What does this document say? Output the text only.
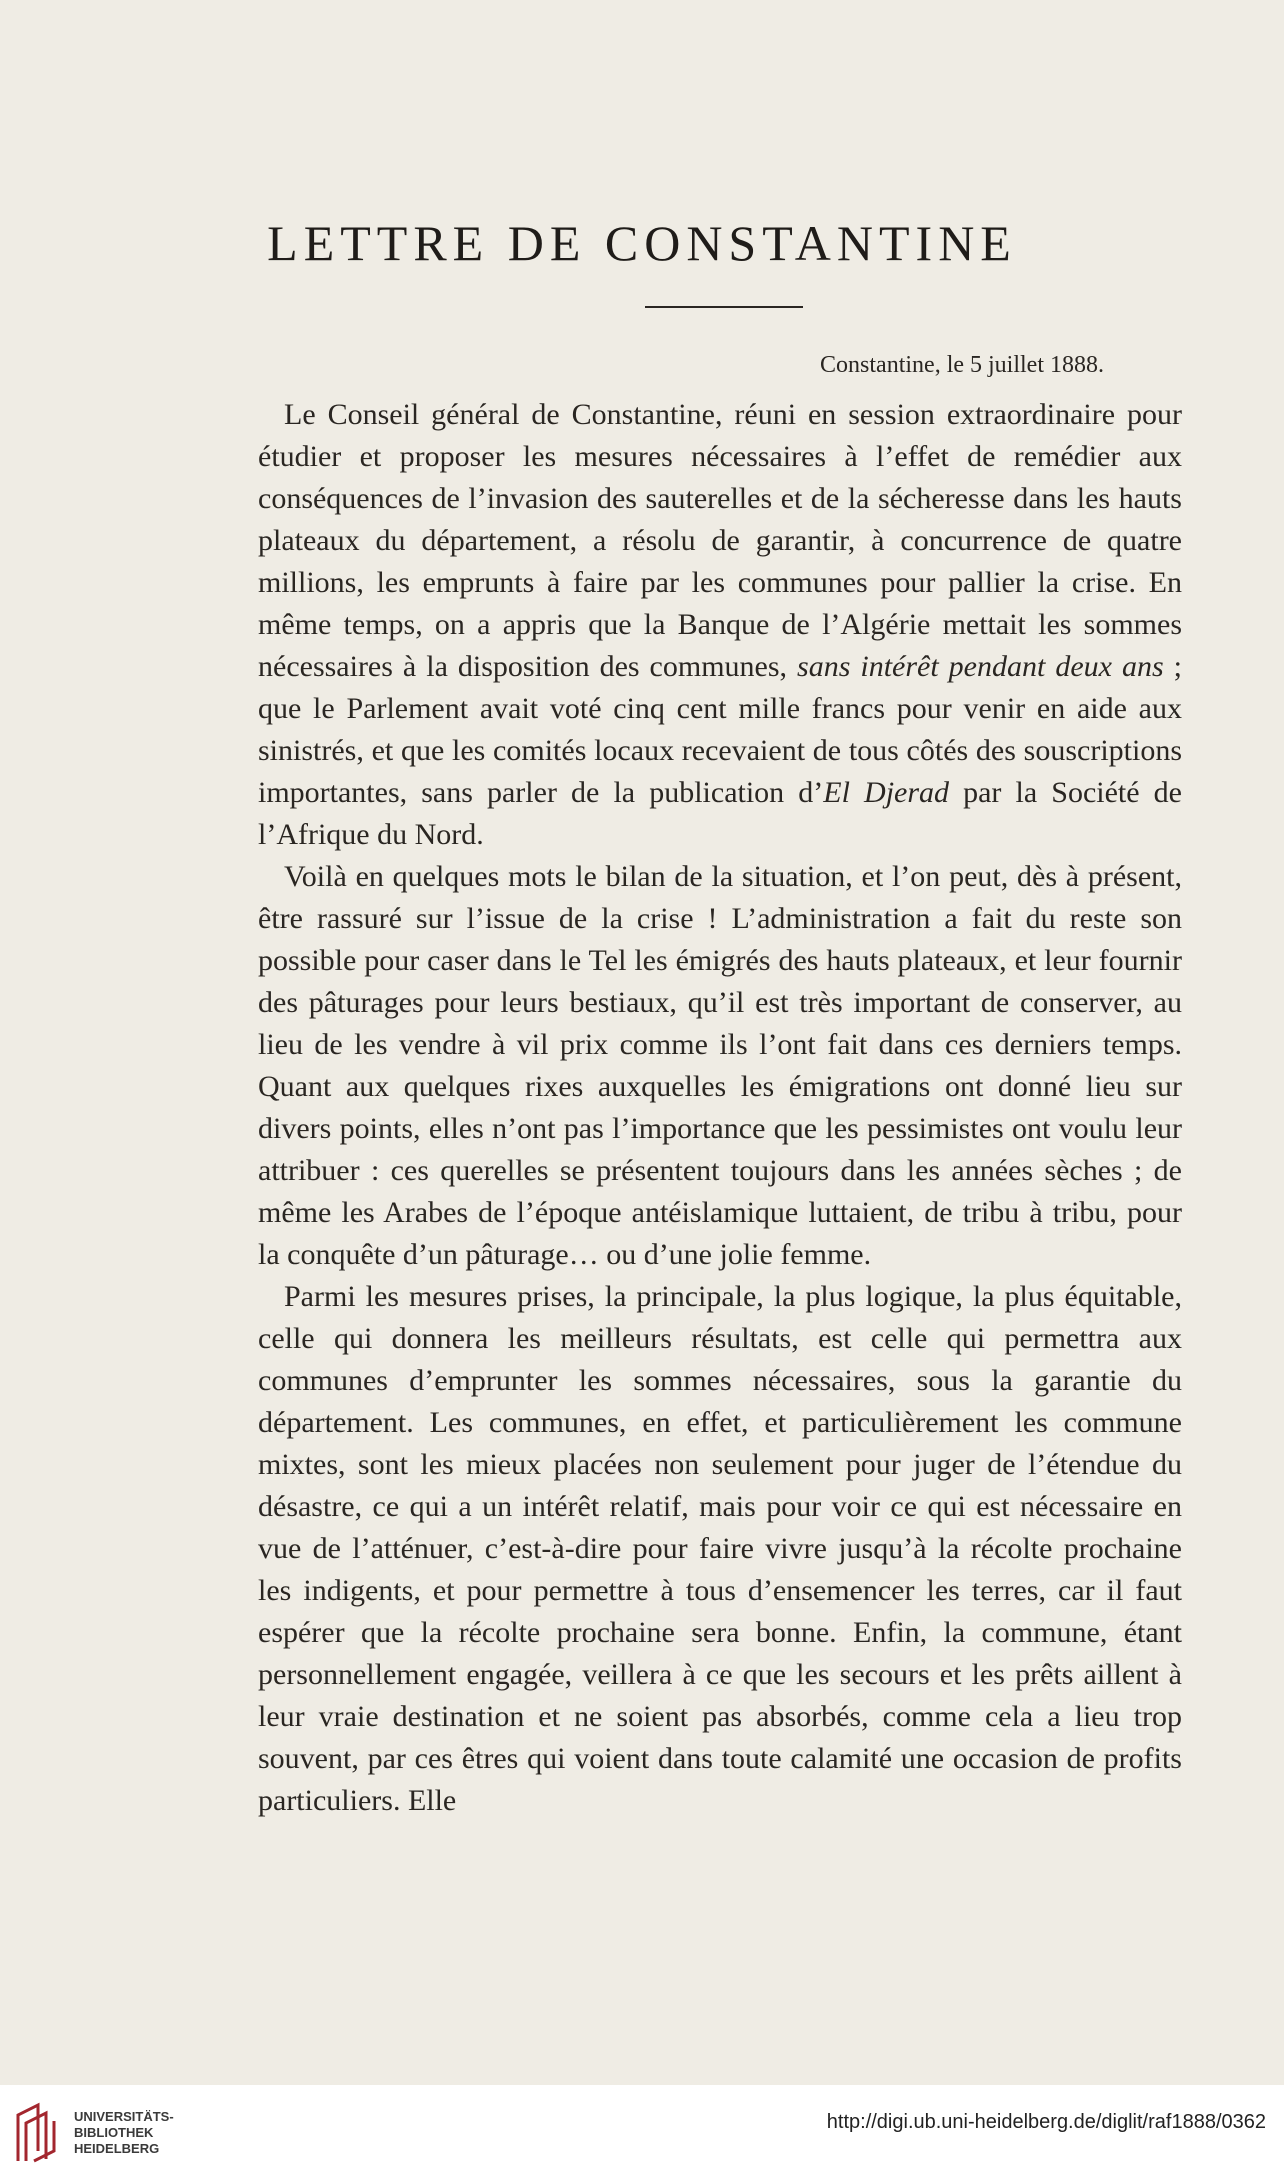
LETTRE DE CONSTANTINE
Constantine, le 5 juillet 1888.

Le Conseil général de Constantine, réuni en session extraordinaire pour étudier et proposer les mesures nécessaires à l’effet de remédier aux conséquences de l’invasion des sauterelles et de la sécheresse dans les hauts plateaux du département, a résolu de garantir, à concurrence de quatre millions, les emprunts à faire par les communes pour pallier la crise. En même temps, on a appris que la Banque de l’Algérie mettait les sommes nécessaires à la disposition des communes, sans intérêt pendant deux ans ; que le Parlement avait voté cinq cent mille francs pour venir en aide aux sinistrés, et que les comités locaux recevaient de tous côtés des souscriptions importantes, sans parler de la publication d’El Djerad par la Société de l’Afrique du Nord.

Voilà en quelques mots le bilan de la situation, et l’on peut, dès à présent, être rassuré sur l’issue de la crise ! L’administration a fait du reste son possible pour caser dans le Tel les émigrés des hauts plateaux, et leur fournir des pâturages pour leurs bestiaux, qu’il est très important de conserver, au lieu de les vendre à vil prix comme ils l’ont fait dans ces derniers temps. Quant aux quelques rixes auxquelles les émigrations ont donné lieu sur divers points, elles n’ont pas l’importance que les pessimistes ont voulu leur attribuer : ces querelles se présentent toujours dans les années sèches ; de même les Arabes de l’époque antéislamique luttaient, de tribu à tribu, pour la conquête d’un pâturage… ou d’une jolie femme.

Parmi les mesures prises, la principale, la plus logique, la plus équitable, celle qui donnera les meilleurs résultats, est celle qui permettra aux communes d’emprunter les sommes nécessaires, sous la garantie du département. Les communes, en effet, et particulièrement les commune mixtes, sont les mieux placées non seulement pour juger de l’étendue du désastre, ce qui a un intérêt relatif, mais pour voir ce qui est nécessaire en vue de l’atténuer, c’est-à-dire pour faire vivre jusqu’à la récolte prochaine les indigents, et pour permettre à tous d’ensemencer les terres, car il faut espérer que la récolte prochaine sera bonne. Enfin, la commune, étant personnellement engagée, veillera à ce que les secours et les prêts aillent à leur vraie destination et ne soient pas absorbés, comme cela a lieu trop souvent, par ces êtres qui voient dans toute calamité une occasion de profits particuliers. Elle

UNIVERSITÄTS-
BIBLIOTHEK
HEIDELBERG
http://digi.ub.uni-heidelberg.de/diglit/raf1888/0362
